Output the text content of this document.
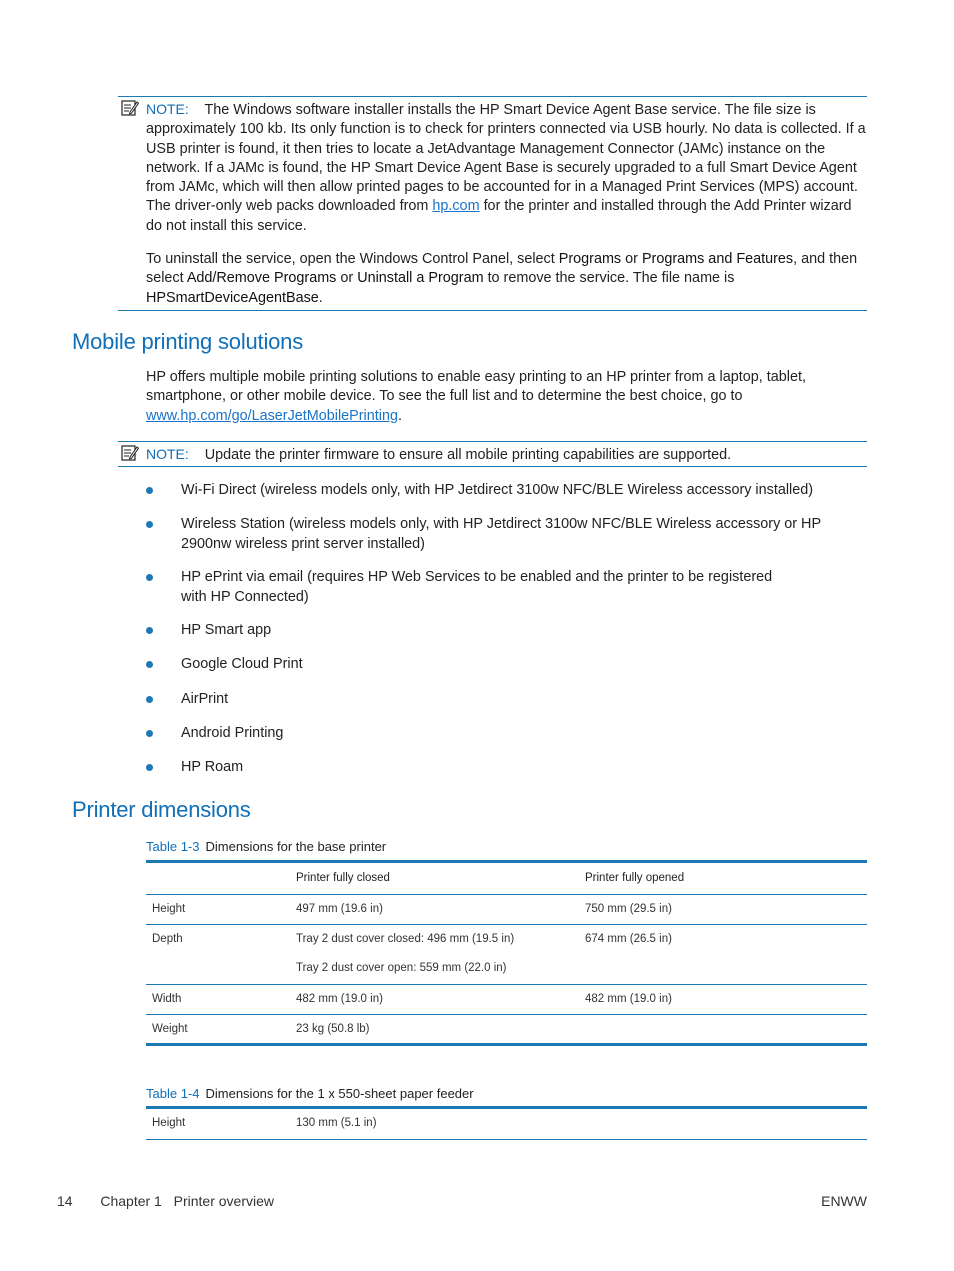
NOTE: The Windows software installer installs the HP Smart Device Agent Base service. The file size is approximately 100 kb. Its only function is to check for printers connected via USB hourly. No data is collected. If a USB printer is found, it then tries to locate a JetAdvantage Management Connector (JAMc) instance on the network. If a JAMc is found, the HP Smart Device Agent Base is securely upgraded to a full Smart Device Agent from JAMc, which will then allow printed pages to be accounted for in a Managed Print Services (MPS) account. The driver-only web packs downloaded from hp.com for the printer and installed through the Add Printer wizard do not install this service.
To uninstall the service, open the Windows Control Panel, select Programs or Programs and Features, and then select Add/Remove Programs or Uninstall a Program to remove the service. The file name is HPSmartDeviceAgentBase.
Mobile printing solutions
HP offers multiple mobile printing solutions to enable easy printing to an HP printer from a laptop, tablet, smartphone, or other mobile device. To see the full list and to determine the best choice, go to www.hp.com/go/LaserJetMobilePrinting.
NOTE: Update the printer firmware to ensure all mobile printing capabilities are supported.
Wi-Fi Direct (wireless models only, with HP Jetdirect 3100w NFC/BLE Wireless accessory installed)
Wireless Station (wireless models only, with HP Jetdirect 3100w NFC/BLE Wireless accessory or HP 2900nw wireless print server installed)
HP ePrint via email (requires HP Web Services to be enabled and the printer to be registered with HP Connected)
HP Smart app
Google Cloud Print
AirPrint
Android Printing
HP Roam
Printer dimensions
Table 1-3 Dimensions for the base printer
	Printer fully closed	Printer fully opened
Height	497 mm (19.6 in)	750 mm (29.5 in)
Depth	Tray 2 dust cover closed: 496 mm (19.5 in)	674 mm (26.5 in)
	Tray 2 dust cover open: 559 mm (22.0 in)	
Width	482 mm (19.0 in)	482 mm (19.0 in)
Weight	23 kg (50.8 lb)	
Table 1-4 Dimensions for the 1 x 550-sheet paper feeder
Height	130 mm (5.1 in)
14 Chapter 1 Printer overview	ENWW
